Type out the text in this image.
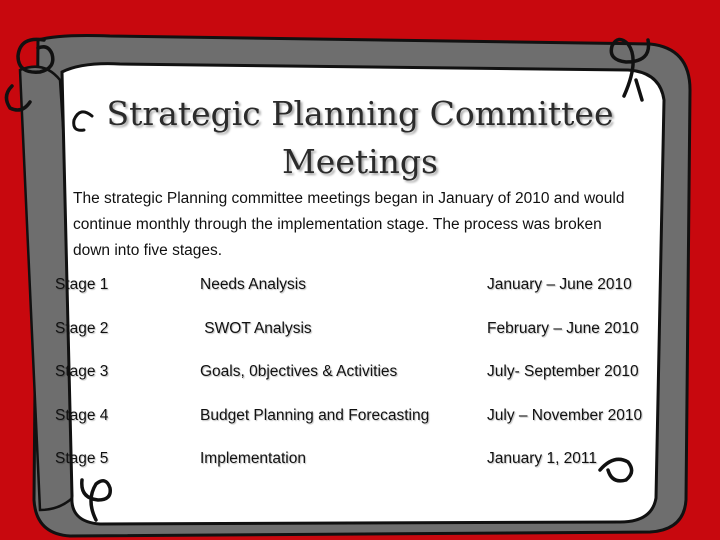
Strategic Planning Committee
Meetings

The strategic Planning committee meetings began in January of 2010 and would continue monthly through the implementation stage. The process was broken down into five stages.

Stage 1	Needs Analysis	January – June 2010
Stage 2	SWOT Analysis	February – June 2010
Stage 3	Goals, 0bjectives & Activities	July- September 2010
Stage 4	Budget Planning and Forecasting	July – November 2010
Stage 5	Implementation	January 1, 2011
